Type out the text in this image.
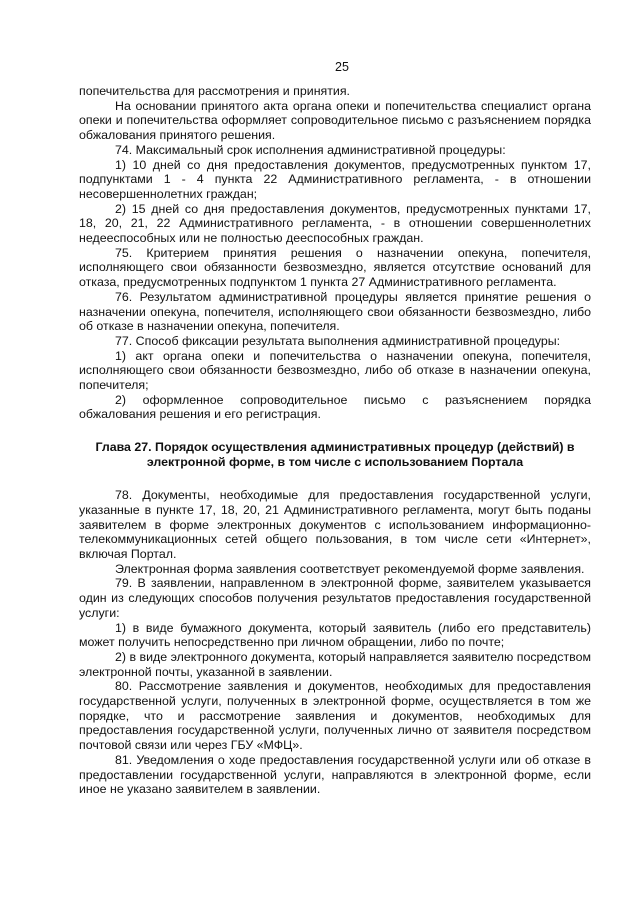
25

попечительства для рассмотрения и принятия.

На основании принятого акта органа опеки и попечительства специалист органа опеки и попечительства оформляет сопроводительное письмо с разъяснением порядка обжалования принятого решения.

74. Максимальный срок исполнения административной процедуры:

1) 10 дней со дня предоставления документов, предусмотренных пунктом 17, подпунктами 1 - 4 пункта 22 Административного регламента, - в отношении несовершеннолетних граждан;

2) 15 дней со дня предоставления документов, предусмотренных пунктами 17, 18, 20, 21, 22 Административного регламента, - в отношении совершеннолетних недееспособных или не полностью дееспособных граждан.

75. Критерием принятия решения о назначении опекуна, попечителя, исполняющего свои обязанности безвозмездно, является отсутствие оснований для отказа, предусмотренных подпунктом 1 пункта 27 Административного регламента.

76. Результатом административной процедуры является принятие решения о назначении опекуна, попечителя, исполняющего свои обязанности безвозмездно, либо об отказе в назначении опекуна, попечителя.

77. Способ фиксации результата выполнения административной процедуры:

1) акт органа опеки и попечительства о назначении опекуна, попечителя, исполняющего свои обязанности безвозмездно, либо об отказе в назначении опекуна, попечителя;

2) оформленное сопроводительное письмо с разъяснением порядка обжалования решения и его регистрация.

Глава 27. Порядок осуществления административных процедур (действий) в электронной форме, в том числе с использованием Портала

78. Документы, необходимые для предоставления государственной услуги, указанные в пункте 17, 18, 20, 21 Административного регламента, могут быть поданы заявителем в форме электронных документов с использованием информационно-телекоммуникационных сетей общего пользования, в том числе сети «Интернет», включая Портал.

Электронная форма заявления соответствует рекомендуемой форме заявления.

79. В заявлении, направленном в электронной форме, заявителем указывается один из следующих способов получения результатов предоставления государственной услуги:

1) в виде бумажного документа, который заявитель (либо его представитель) может получить непосредственно при личном обращении, либо по почте;

2) в виде электронного документа, который направляется заявителю посредством электронной почты, указанной в заявлении.

80. Рассмотрение заявления и документов, необходимых для предоставления государственной услуги, полученных в электронной форме, осуществляется в том же порядке, что и рассмотрение заявления и документов, необходимых для предоставления государственной услуги, полученных лично от заявителя посредством почтовой связи или через ГБУ «МФЦ».

81. Уведомления о ходе предоставления государственной услуги или об отказе в предоставлении государственной услуги, направляются в электронной форме, если иное не указано заявителем в заявлении.
